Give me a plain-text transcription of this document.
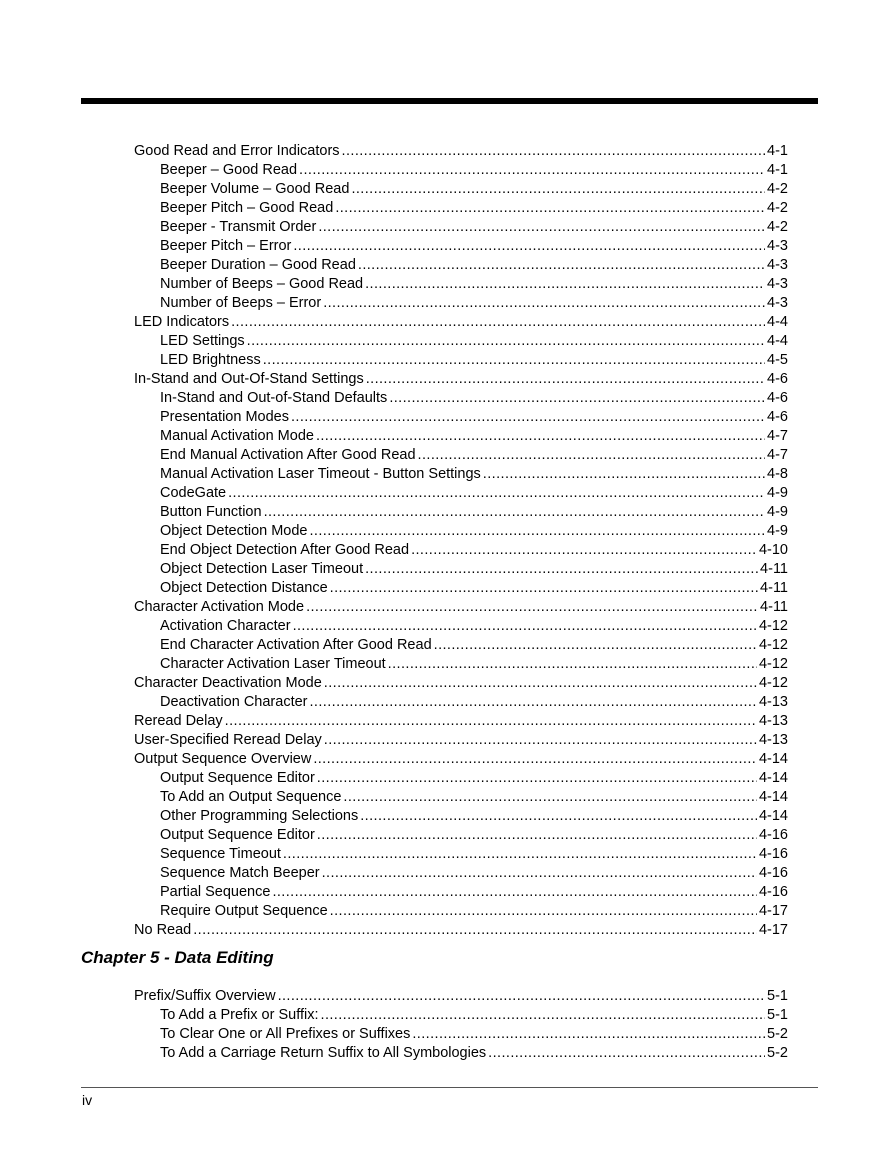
Good Read and Error Indicators .....	4-1
Beeper – Good Read .....	4-1
Beeper Volume – Good Read .....	4-2
Beeper Pitch – Good Read .....	4-2
Beeper - Transmit Order .....	4-2
Beeper Pitch – Error .....	4-3
Beeper Duration – Good Read .....	4-3
Number of Beeps – Good Read .....	4-3
Number of Beeps – Error .....	4-3
LED Indicators .....	4-4
LED Settings .....	4-4
LED Brightness .....	4-5
In-Stand and Out-Of-Stand Settings .....	4-6
In-Stand and Out-of-Stand Defaults .....	4-6
Presentation Modes .....	4-6
Manual Activation Mode .....	4-7
End Manual Activation After Good Read .....	4-7
Manual Activation Laser Timeout - Button Settings .....	4-8
CodeGate .....	4-9
Button Function .....	4-9
Object Detection Mode .....	4-9
End Object Detection After Good Read .....	4-10
Object Detection Laser Timeout .....	4-11
Object Detection Distance .....	4-11
Character Activation Mode .....	4-11
Activation Character .....	4-12
End Character Activation After Good Read .....	4-12
Character Activation Laser Timeout .....	4-12
Character Deactivation Mode .....	4-12
Deactivation Character .....	4-13
Reread Delay .....	4-13
User-Specified Reread Delay .....	4-13
Output Sequence Overview .....	4-14
Output Sequence Editor .....	4-14
To Add an Output Sequence .....	4-14
Other Programming Selections .....	4-14
Output Sequence Editor .....	4-16
Sequence Timeout .....	4-16
Sequence Match Beeper .....	4-16
Partial Sequence .....	4-16
Require Output Sequence .....	4-17
No Read .....	4-17
Chapter 5 - Data Editing
Prefix/Suffix Overview .....	5-1
To Add a Prefix or Suffix: .....	5-1
To Clear One or All Prefixes or Suffixes .....	5-2
To Add a Carriage Return Suffix to All Symbologies .....	5-2
iv
